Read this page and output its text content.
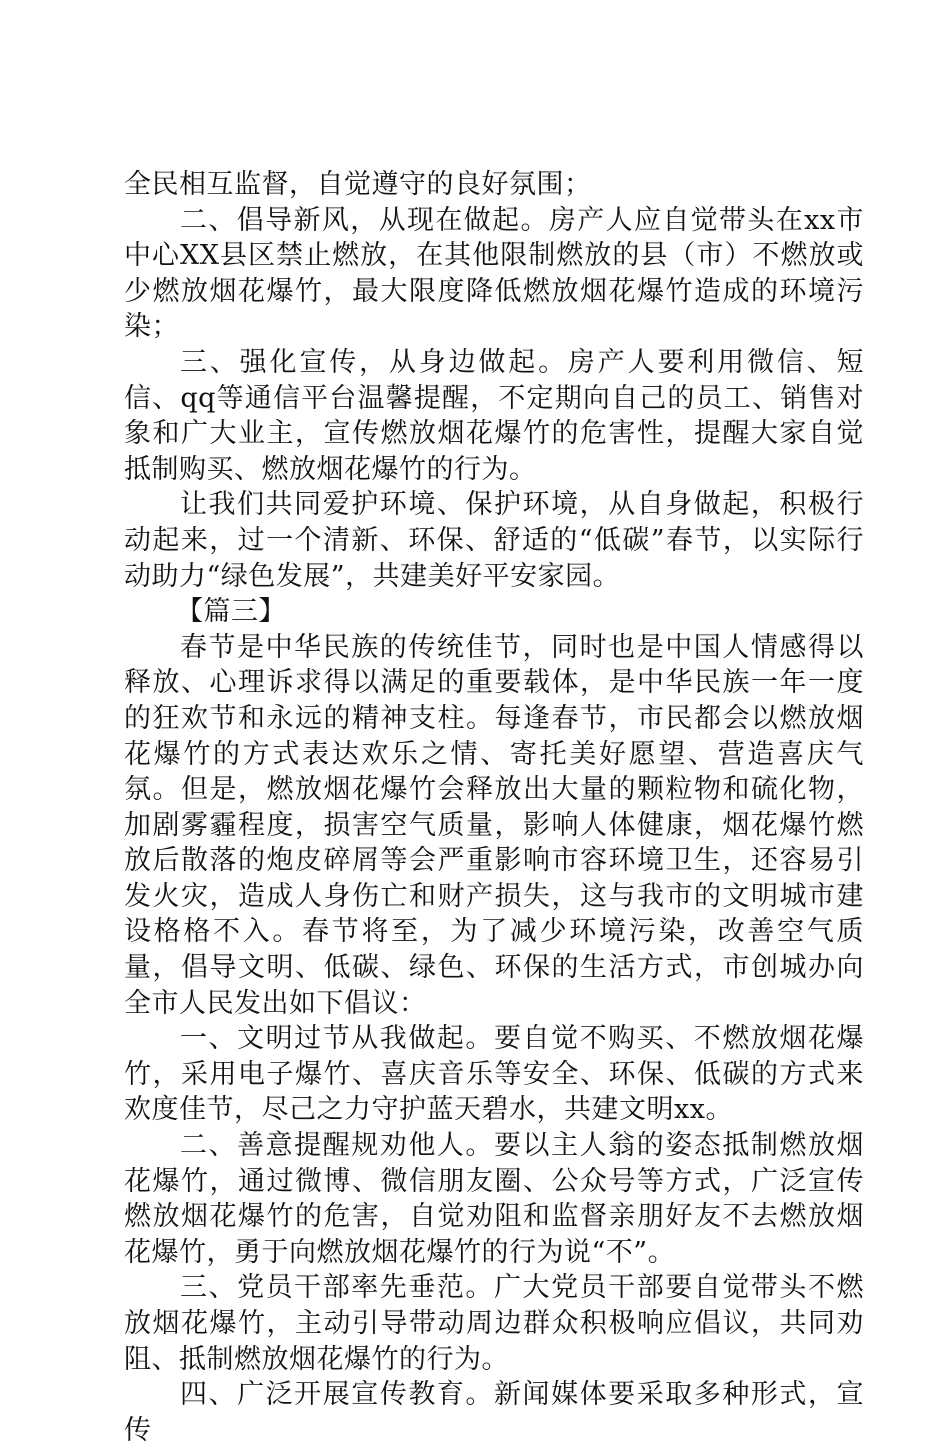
全民相互监督，自觉遵守的良好氛围；

二、倡导新风，从现在做起。房产人应自觉带头在xx市中心XX县区禁止燃放，在其他限制燃放的县（市）不燃放或少燃放烟花爆竹，最大限度降低燃放烟花爆竹造成的环境污染；

三、强化宣传，从身边做起。房产人要利用微信、短信、qq等通信平台温馨提醒，不定期向自己的员工、销售对象和广大业主，宣传燃放烟花爆竹的危害性，提醒大家自觉抵制购买、燃放烟花爆竹的行为。

让我们共同爱护环境、保护环境，从自身做起，积极行动起来，过一个清新、环保、舒适的“低碳”春节，以实际行动助力“绿色发展”，共建美好平安家园。

【篇三】

春节是中华民族的传统佳节，同时也是中国人情感得以释放、心理诉求得以满足的重要载体，是中华民族一年一度的狂欢节和永远的精神支柱。每逢春节，市民都会以燃放烟花爆竹的方式表达欢乐之情、寄托美好愿望、营造喜庆气氛。但是，燃放烟花爆竹会释放出大量的颗粒物和硫化物，加剧雾霾程度，损害空气质量，影响人体健康，烟花爆竹燃放后散落的炮皮碎屑等会严重影响市容环境卫生，还容易引发火灾，造成人身伤亡和财产损失，这与我市的文明城市建设格格不入。春节将至，为了减少环境污染，改善空气质量，倡导文明、低碳、绿色、环保的生活方式，市创城办向全市人民发出如下倡议：

一、文明过节从我做起。要自觉不购买、不燃放烟花爆竹，采用电子爆竹、喜庆音乐等安全、环保、低碳的方式来欢度佳节，尽己之力守护蓝天碧水，共建文明xx。

二、善意提醒规劝他人。要以主人翁的姿态抵制燃放烟花爆竹，通过微博、微信朋友圈、公众号等方式，广泛宣传燃放烟花爆竹的危害，自觉劝阻和监督亲朋好友不去燃放烟花爆竹，勇于向燃放烟花爆竹的行为说“不”。

三、党员干部率先垂范。广大党员干部要自觉带头不燃放烟花爆竹，主动引导带动周边群众积极响应倡议，共同劝阻、抵制燃放烟花爆竹的行为。

四、广泛开展宣传教育。新闻媒体要采取多种形式，宣传
